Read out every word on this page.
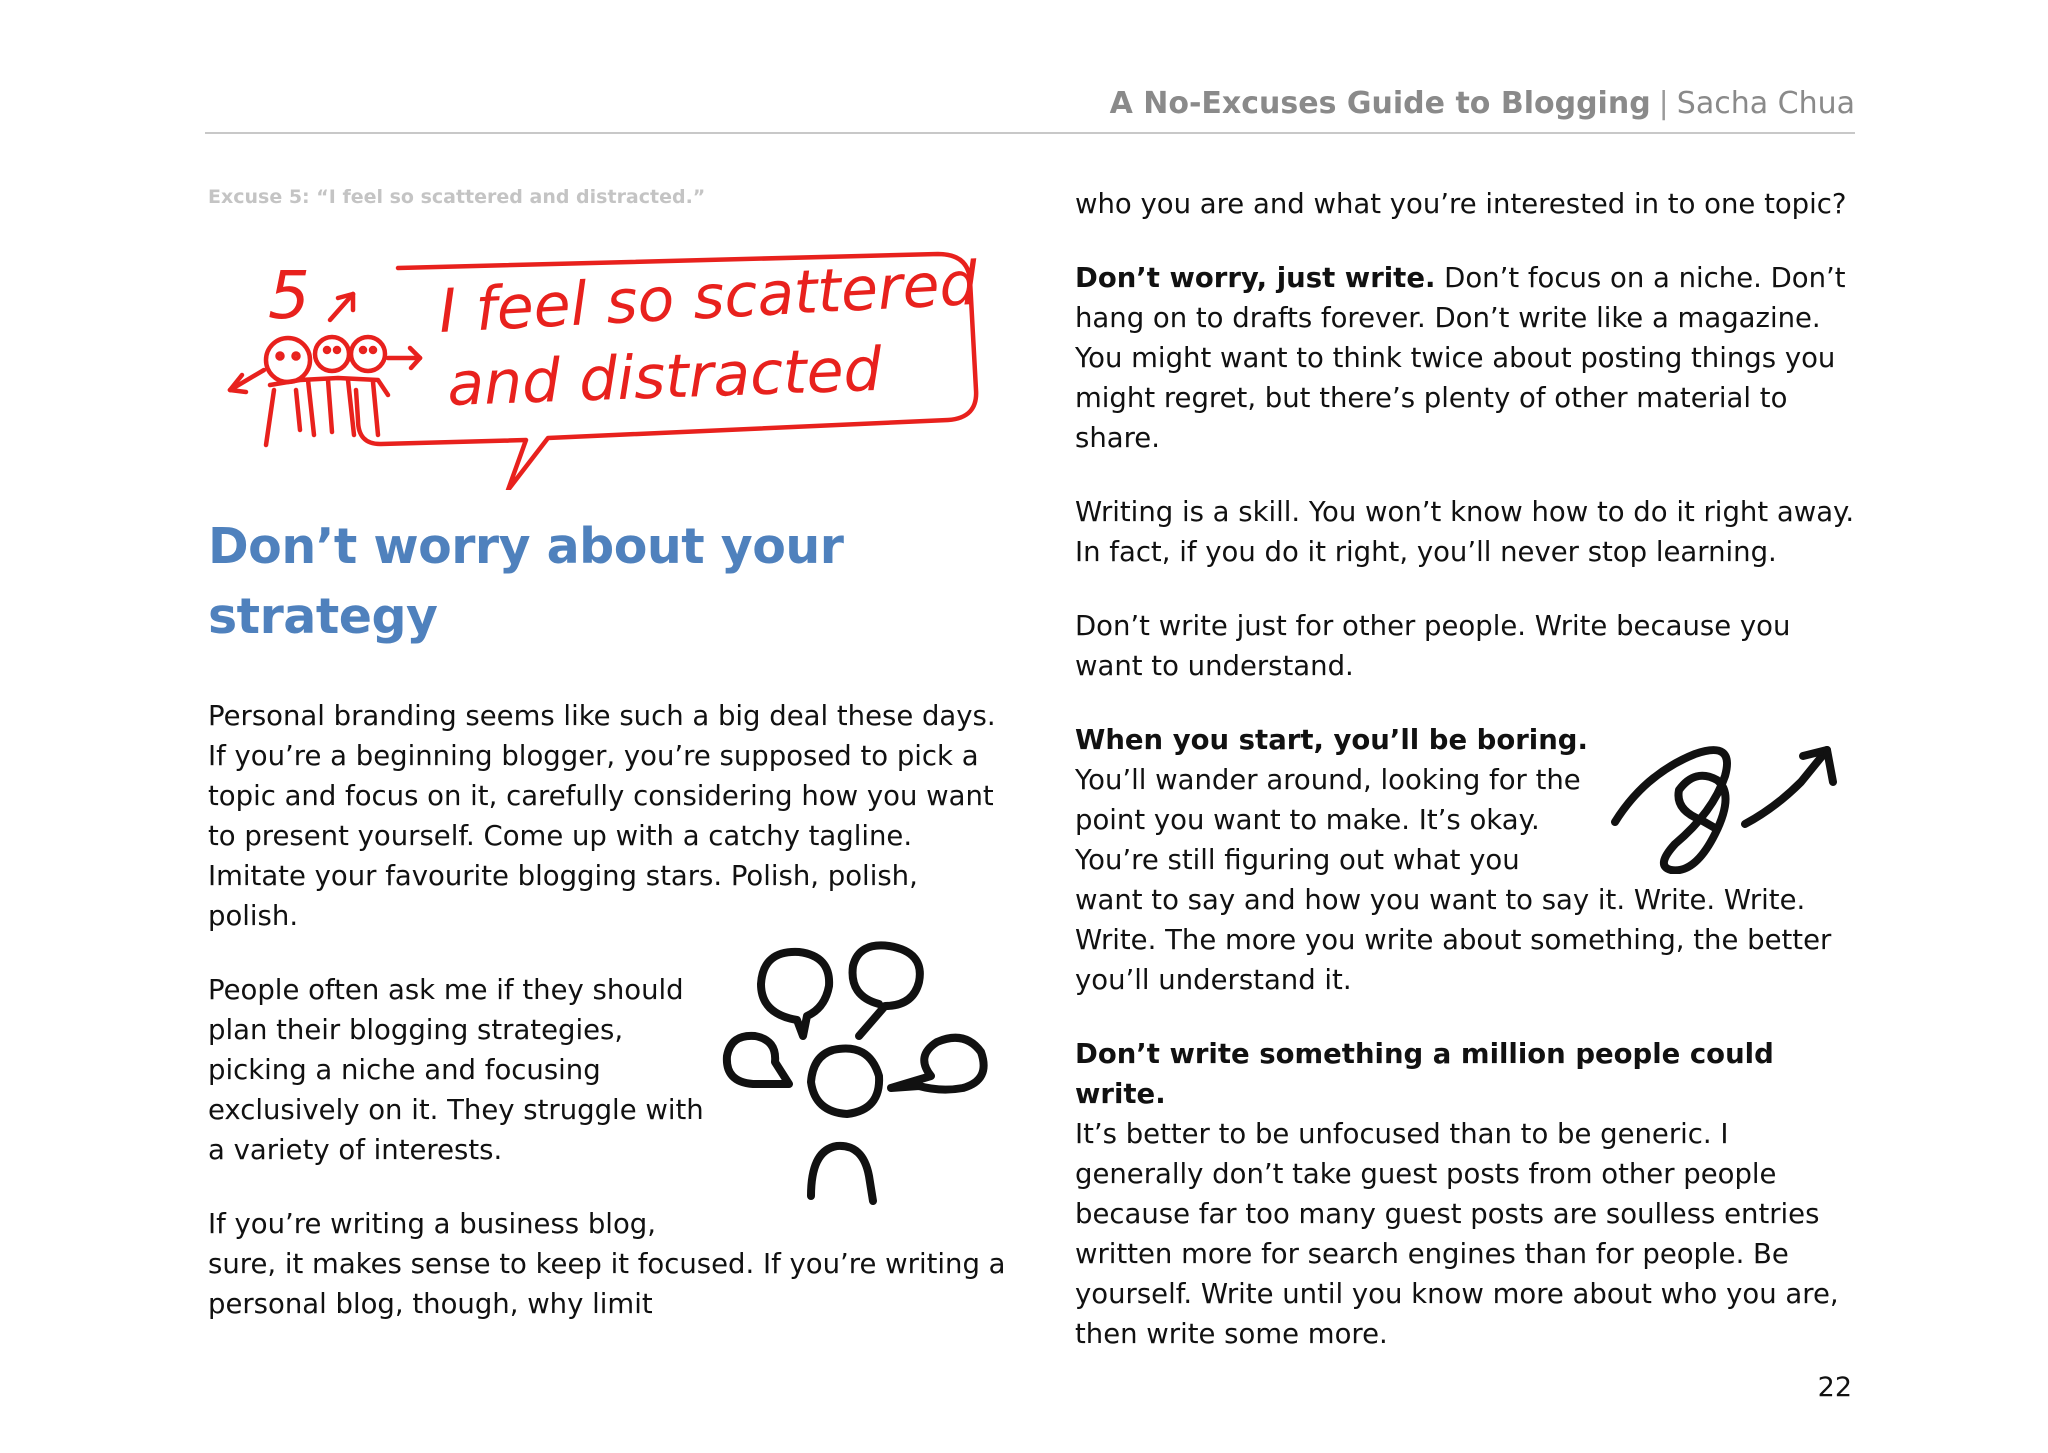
A No-Excuses Guide to Blogging | Sacha Chua

Excuse 5: “I feel so scattered and distracted.”

5 I feel so scattered
and distracted
Don’t worry about your strategy

Personal branding seems like such a big deal these days. If you’re a beginning blogger, you’re supposed to pick a topic and focus on it, carefully considering how you want to present yourself. Come up with a catchy tagline. Imitate your favourite blogging stars. Polish, polish, polish.

People often ask me if they should plan their blogging strategies, picking a niche and focusing exclusively on it. They struggle with a variety of interests.

If you’re writing a business blog, sure, it makes sense to keep it focused. If you’re writing a personal blog, though, why limit

who you are and what you’re interested in to one topic?

Don’t worry, just write. Don’t focus on a niche. Don’t hang on to drafts forever. Don’t write like a magazine. You might want to think twice about posting things you might regret, but there’s plenty of other material to share.

Writing is a skill. You won’t know how to do it right away. In fact, if you do it right, you’ll never stop learning.

Don’t write just for other people. Write because you want to understand.

When you start, you’ll be boring.

You’ll wander around, looking for the point you want to make. It’s okay. You’re still figuring out what you want to say and how you want to say it. Write. Write. Write. The more you write about something, the better you’ll understand it.

Don’t write something a million people could write.

It’s better to be unfocused than to be generic. I generally don’t take guest posts from other people because far too many guest posts are soulless entries written more for search engines than for people. Be yourself. Write until you know more about who you are, then write some more.

22
